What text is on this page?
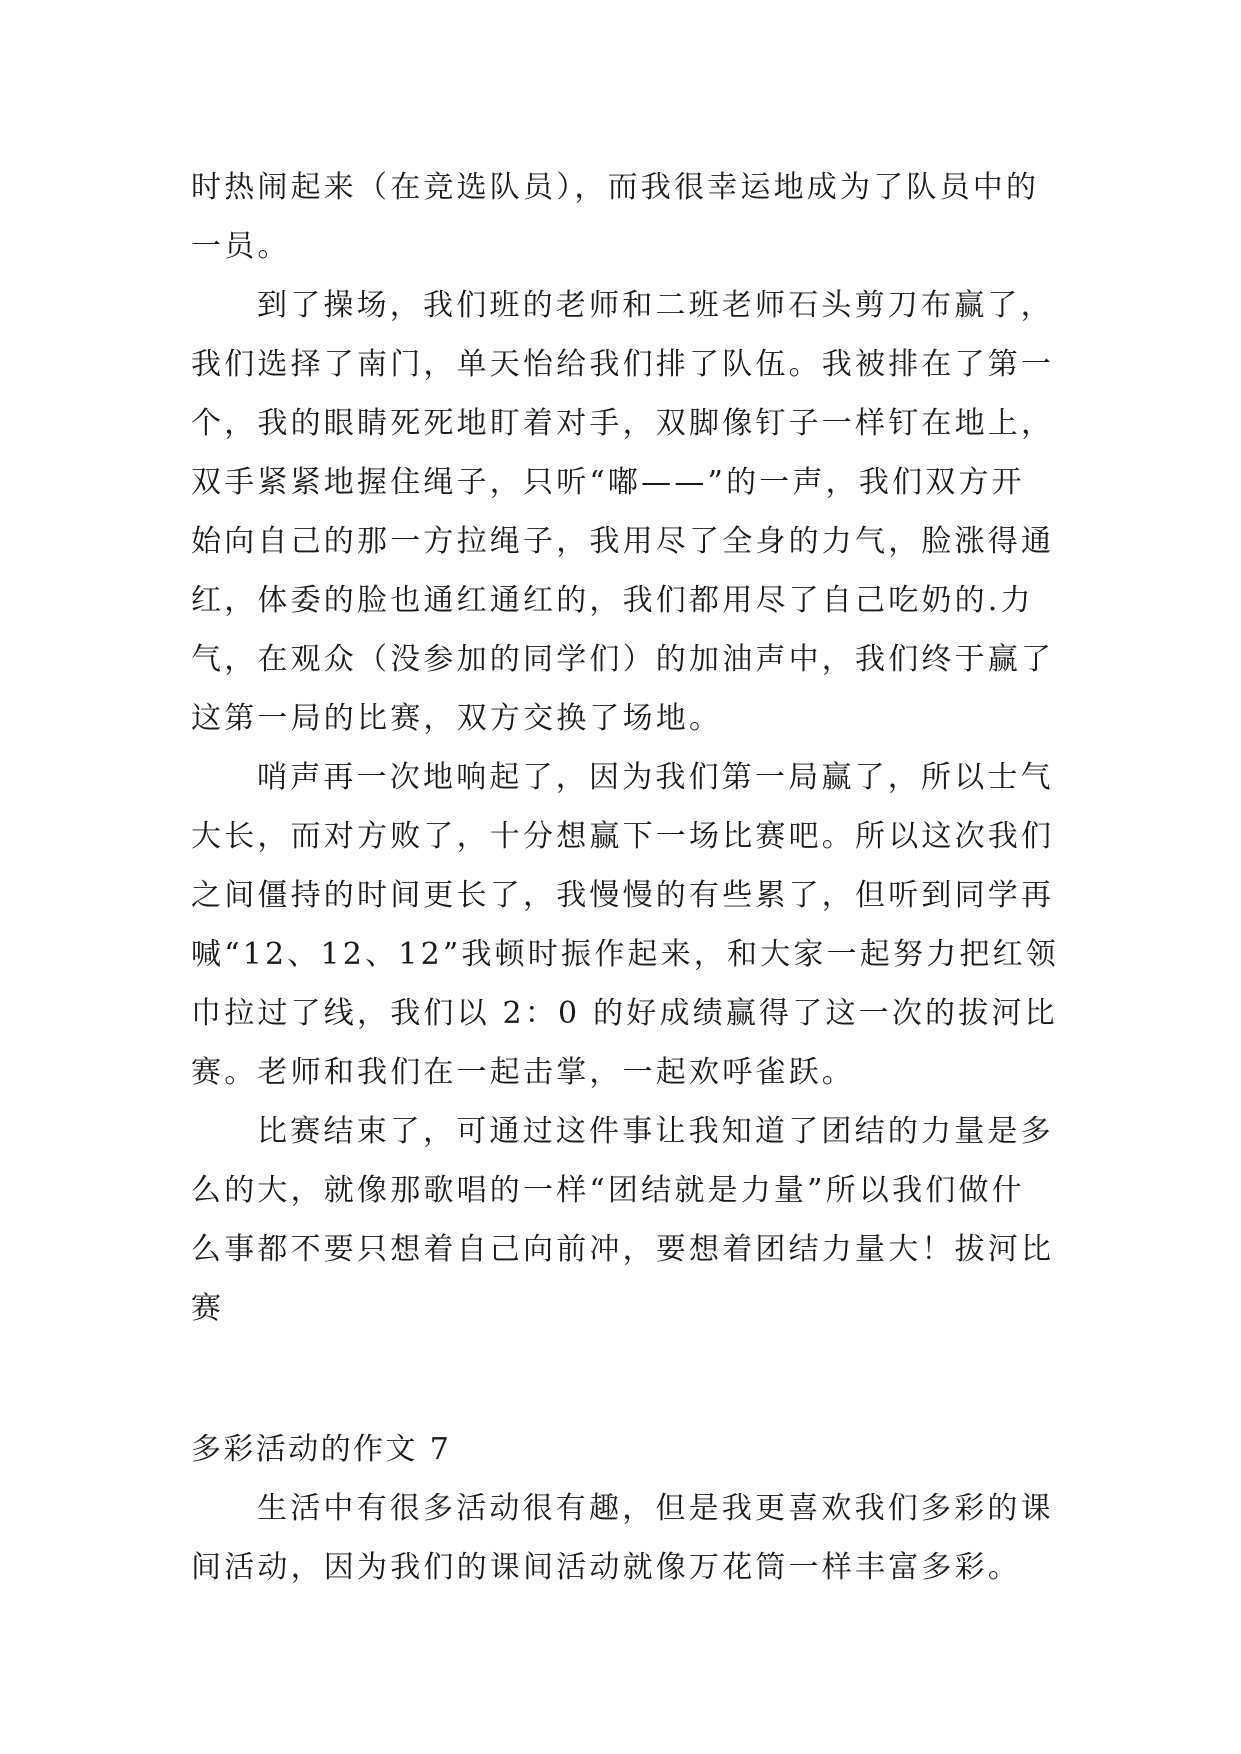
时热闹起来（在竞选队员），而我很幸运地成为了队员中的
一员。
到了操场，我们班的老师和二班老师石头剪刀布赢了，
我们选择了南门，单天怡给我们排了队伍。我被排在了第一
个，我的眼睛死死地盯着对手，双脚像钉子一样钉在地上，
双手紧紧地握住绳子，只听“嘟——”的一声，我们双方开
始向自己的那一方拉绳子，我用尽了全身的力气，脸涨得通
红，体委的脸也通红通红的，我们都用尽了自己吃奶的.力
气，在观众（没参加的同学们）的加油声中，我们终于赢了
这第一局的比赛，双方交换了场地。
哨声再一次地响起了，因为我们第一局赢了，所以士气
大长，而对方败了，十分想赢下一场比赛吧。所以这次我们
之间僵持的时间更长了，我慢慢的有些累了，但听到同学再
喊“12、12、12”我顿时振作起来，和大家一起努力把红领
巾拉过了线，我们以 2：0 的好成绩赢得了这一次的拔河比
赛。老师和我们在一起击掌，一起欢呼雀跃。
比赛结束了，可通过这件事让我知道了团结的力量是多
么的大，就像那歌唱的一样“团结就是力量”所以我们做什
么事都不要只想着自己向前冲，要想着团结力量大！拔河比
赛
多彩活动的作文 7
生活中有很多活动很有趣，但是我更喜欢我们多彩的课
间活动，因为我们的课间活动就像万花筒一样丰富多彩。
